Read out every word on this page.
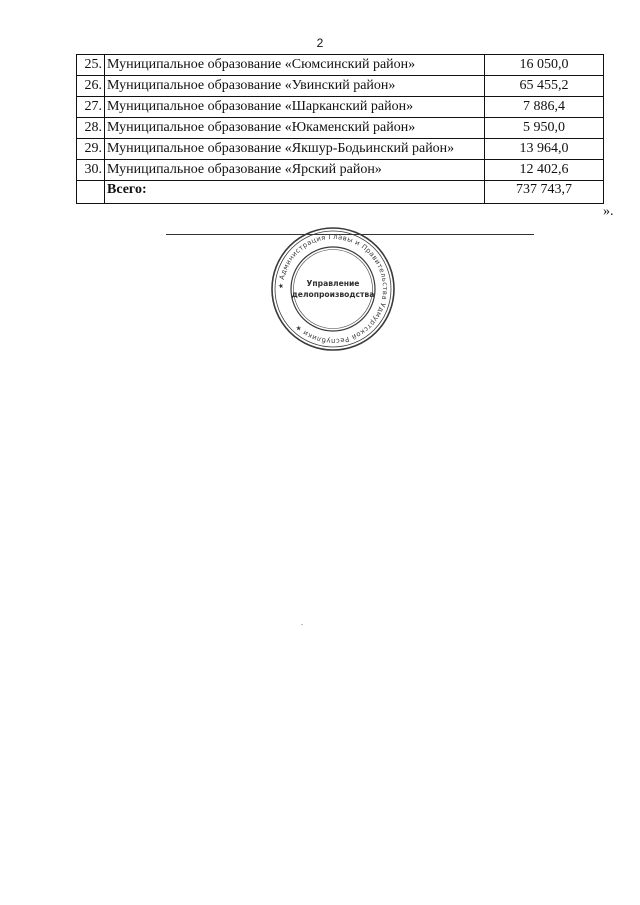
2
25.	Муниципальное образование «Сюмсинский район»	16 050,0
26.	Муниципальное образование «Увинский район»	65 455,2
27.	Муниципальное образование «Шарканский район»	7 886,4
28.	Муниципальное образование «Юкаменский район»	5 950,0
29.	Муниципальное образование «Якшур-Бодьинский район»	13 964,0
30.	Муниципальное образование «Ярский район»	12 402,6
	Всего:	737 743,7
».
★ Администрация Главы и Правительства Удмуртской Республики ★
Управление
делопроизводства
